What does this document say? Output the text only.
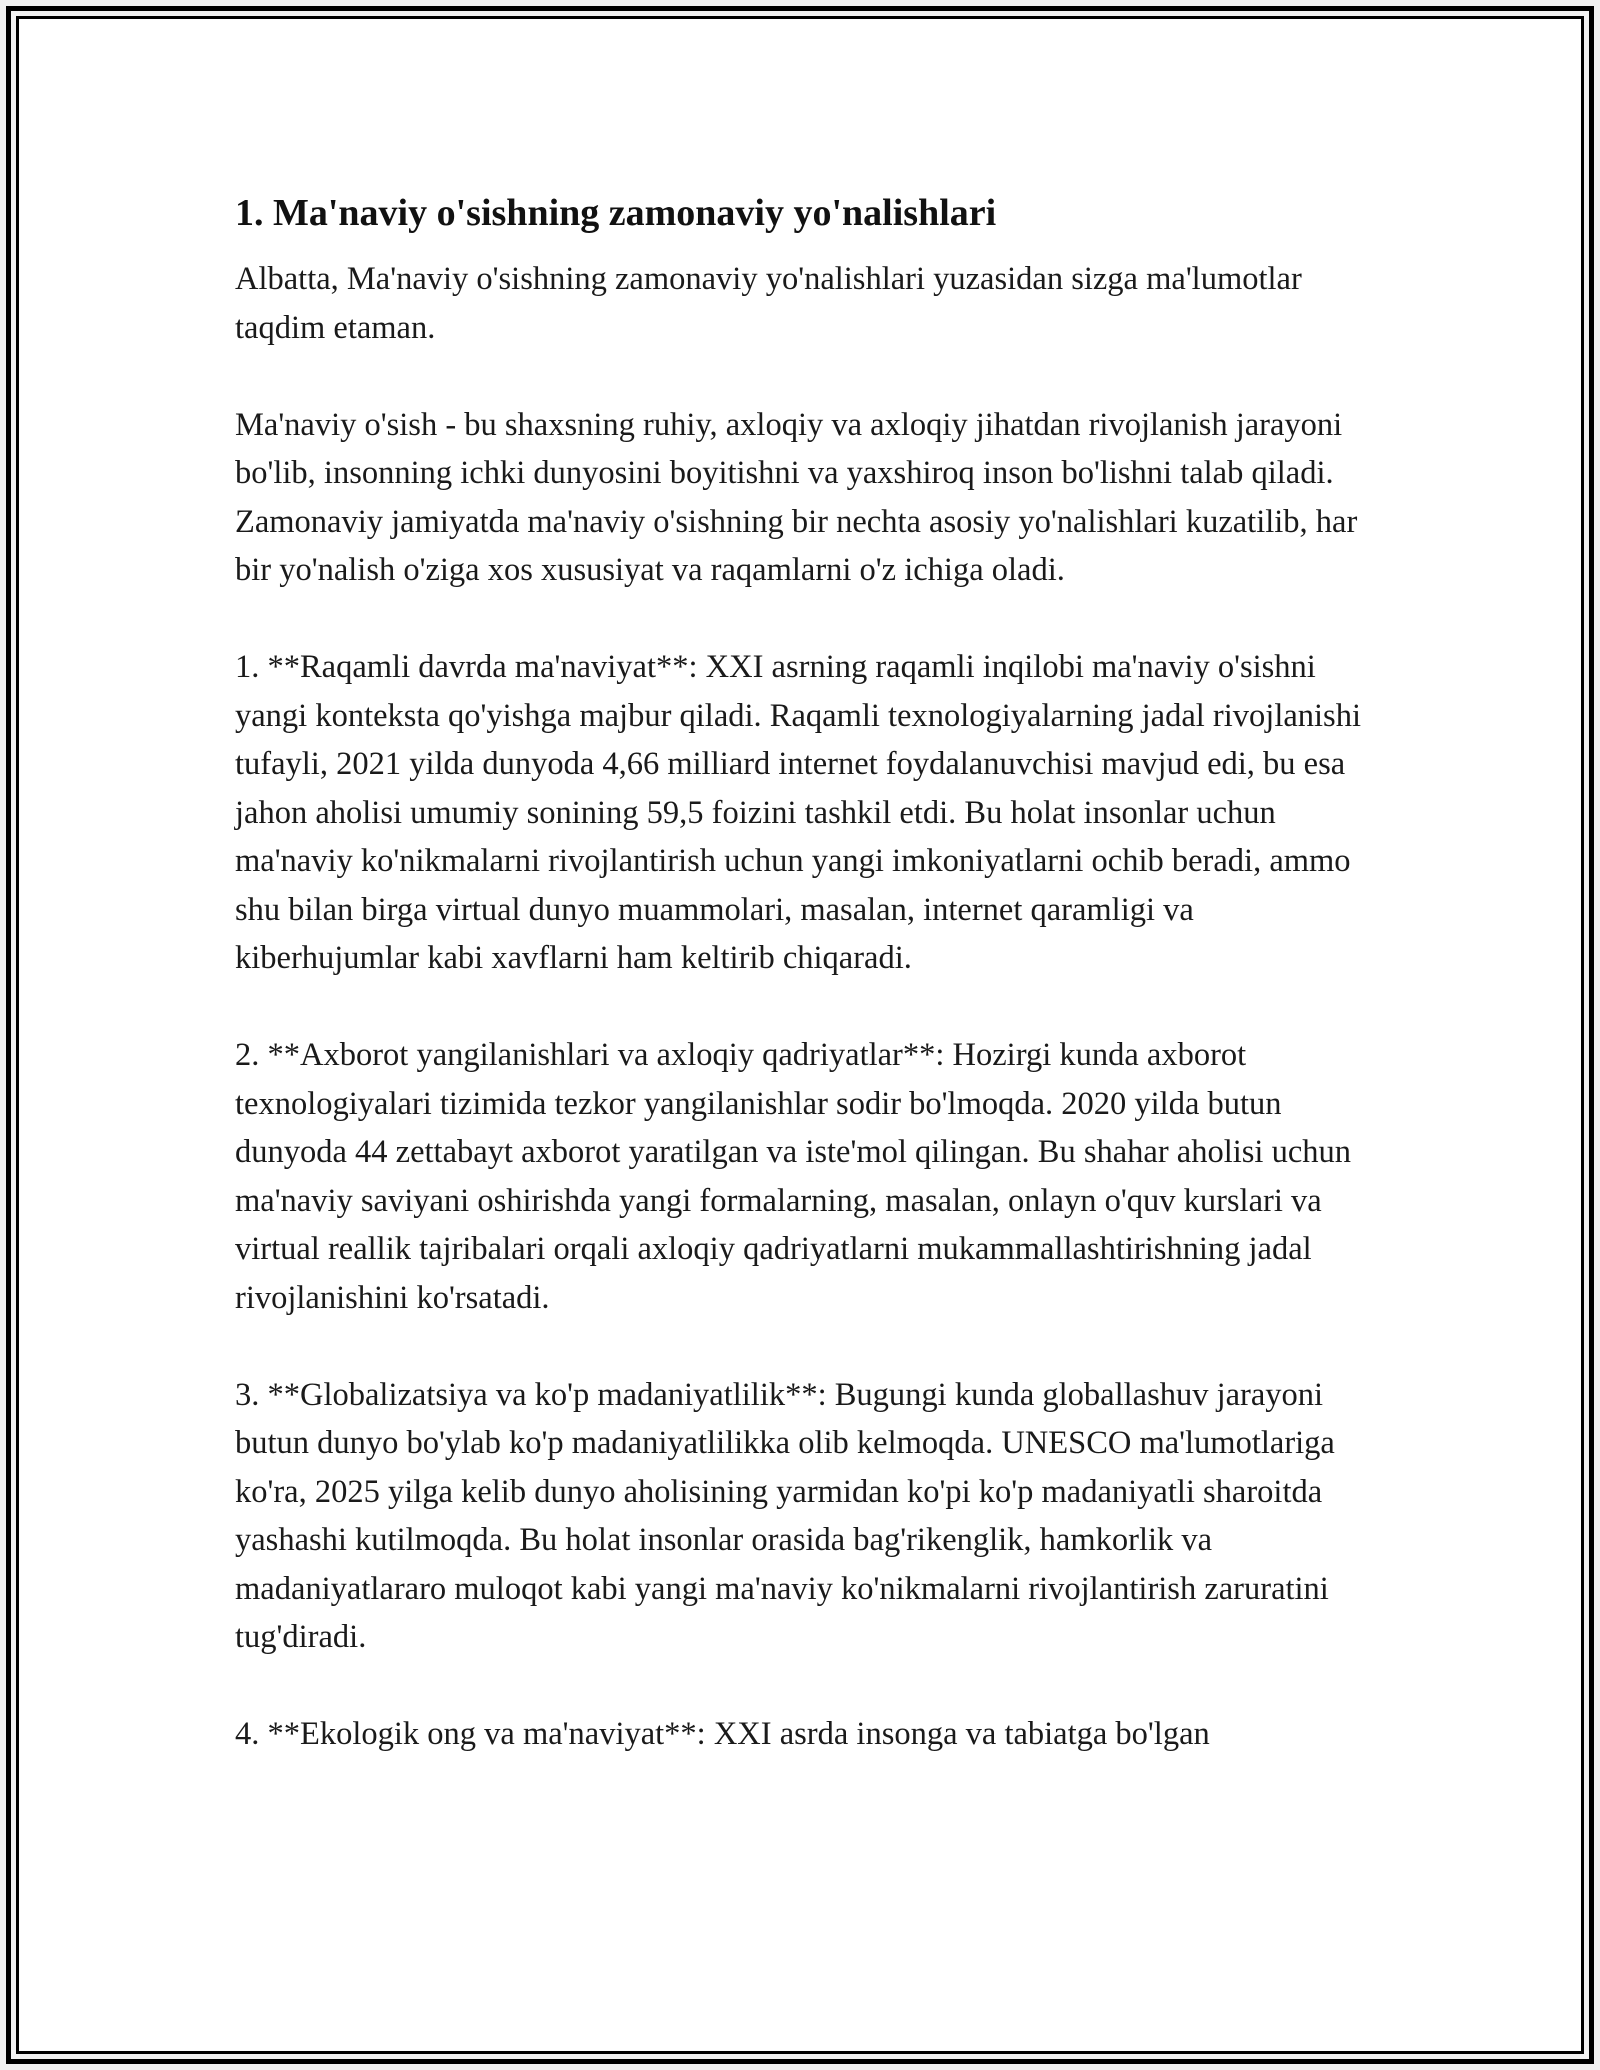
1. Ma'naviy o'sishning zamonaviy yo'nalishlari

Albatta, Ma'naviy o'sishning zamonaviy yo'nalishlari yuzasidan sizga ma'lumotlar taqdim etaman.

Ma'naviy o'sish - bu shaxsning ruhiy, axloqiy va axloqiy jihatdan rivojlanish jarayoni bo'lib, insonning ichki dunyosini boyitishni va yaxshiroq inson bo'lishni talab qiladi. Zamonaviy jamiyatda ma'naviy o'sishning bir nechta asosiy yo'nalishlari kuzatilib, har bir yo'nalish o'ziga xos xususiyat va raqamlarni o'z ichiga oladi.

1. **Raqamli davrda ma'naviyat**: XXI asrning raqamli inqilobi ma'naviy o'sishni yangi konteksta qo'yishga majbur qiladi. Raqamli texnologiyalarning jadal rivojlanishi tufayli, 2021 yilda dunyoda 4,66 milliard internet foydalanuvchisi mavjud edi, bu esa jahon aholisi umumiy sonining 59,5 foizini tashkil etdi. Bu holat insonlar uchun ma'naviy ko'nikmalarni rivojlantirish uchun yangi imkoniyatlarni ochib beradi, ammo shu bilan birga virtual dunyo muammolari, masalan, internet qaramligi va kiberhujumlar kabi xavflarni ham keltirib chiqaradi.

2. **Axborot yangilanishlari va axloqiy qadriyatlar**: Hozirgi kunda axborot texnologiyalari tizimida tezkor yangilanishlar sodir bo'lmoqda. 2020 yilda butun dunyoda 44 zettabayt axborot yaratilgan va iste'mol qilingan. Bu shahar aholisi uchun ma'naviy saviyani oshirishda yangi formalarning, masalan, onlayn o'quv kurslari va virtual reallik tajribalari orqali axloqiy qadriyatlarni mukammallashtirishning jadal rivojlanishini ko'rsatadi.

3. **Globalizatsiya va ko'p madaniyatlilik**: Bugungi kunda globallashuv jarayoni butun dunyo bo'ylab ko'p madaniyatlilikka olib kelmoqda. UNESCO ma'lumotlariga ko'ra, 2025 yilga kelib dunyo aholisining yarmidan ko'pi ko'p madaniyatli sharoitda yashashi kutilmoqda. Bu holat insonlar orasida bag'rikenglik, hamkorlik va madaniyatlararo muloqot kabi yangi ma'naviy ko'nikmalarni rivojlantirish zaruratini tug'diradi.

4. **Ekologik ong va ma'naviyat**: XXI asrda insonga va tabiatga bo'lgan
